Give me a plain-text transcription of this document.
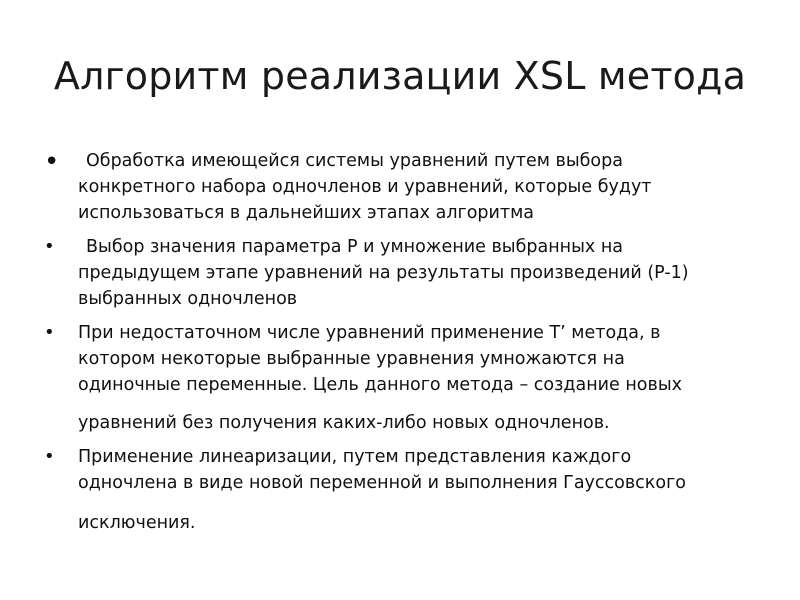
Алгоритм реализации XSL метода
•	Обработка имеющейся системы уравнений путем выбора
конкретного набора одночленов и уравнений, которые будут
использоваться в дальнейших этапах алгоритма
•	Выбор значения параметра P и умножение выбранных на
предыдущем этапе уравнений на результаты произведений (P-1)
выбранных одночленов
• При недостаточном числе уравнений применение T’ метода, в
котором некоторые выбранные уравнения умножаются на
одиночные переменные. Цель данного метода – создание новых
уравнений без получения каких-либо новых одночленов.
• Применение линеаризации, путем представления каждого
одночлена в виде новой переменной и выполнения Гауссовского
исключения.
